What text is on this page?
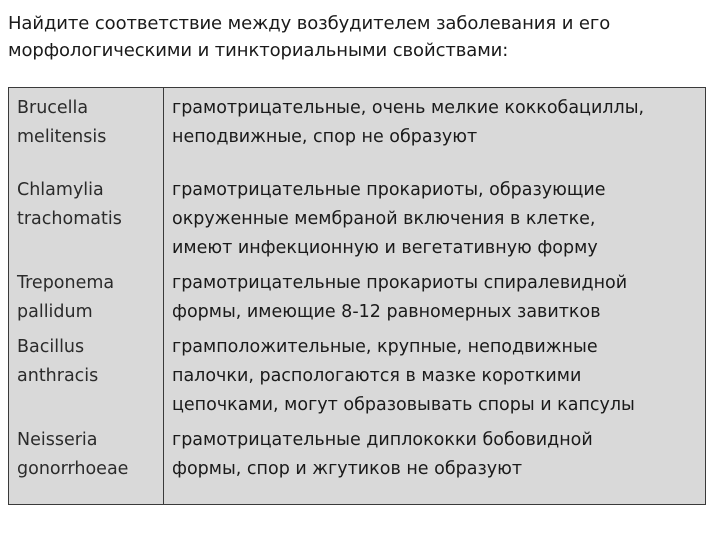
Найдите соответствие между возбудителем заболевания и его морфологическими и тинкториальными свойствами:
Brucella
melitensis	грамотрицательные, очень мелкие коккобациллы,
неподвижные, спор не образуют

Chlamylia
trachomatis	грамотрицательные прокариоты, образующие
окруженные мембраной включения в клетке,
имеют инфекционную и вегетативную форму

Treponema
pallidum	грамотрицательные прокариоты спиралевидной
формы, имеющие 8-12 равномерных завитков

Bacillus
anthracis	грамположительные, крупные, неподвижные
палочки, распологаются в мазке короткими
цепочками, могут образовывать споры и капсулы

Neisseria
gonorrhoeae	грамотрицательные диплококки бобовидной
формы, спор и жгутиков не образуют
